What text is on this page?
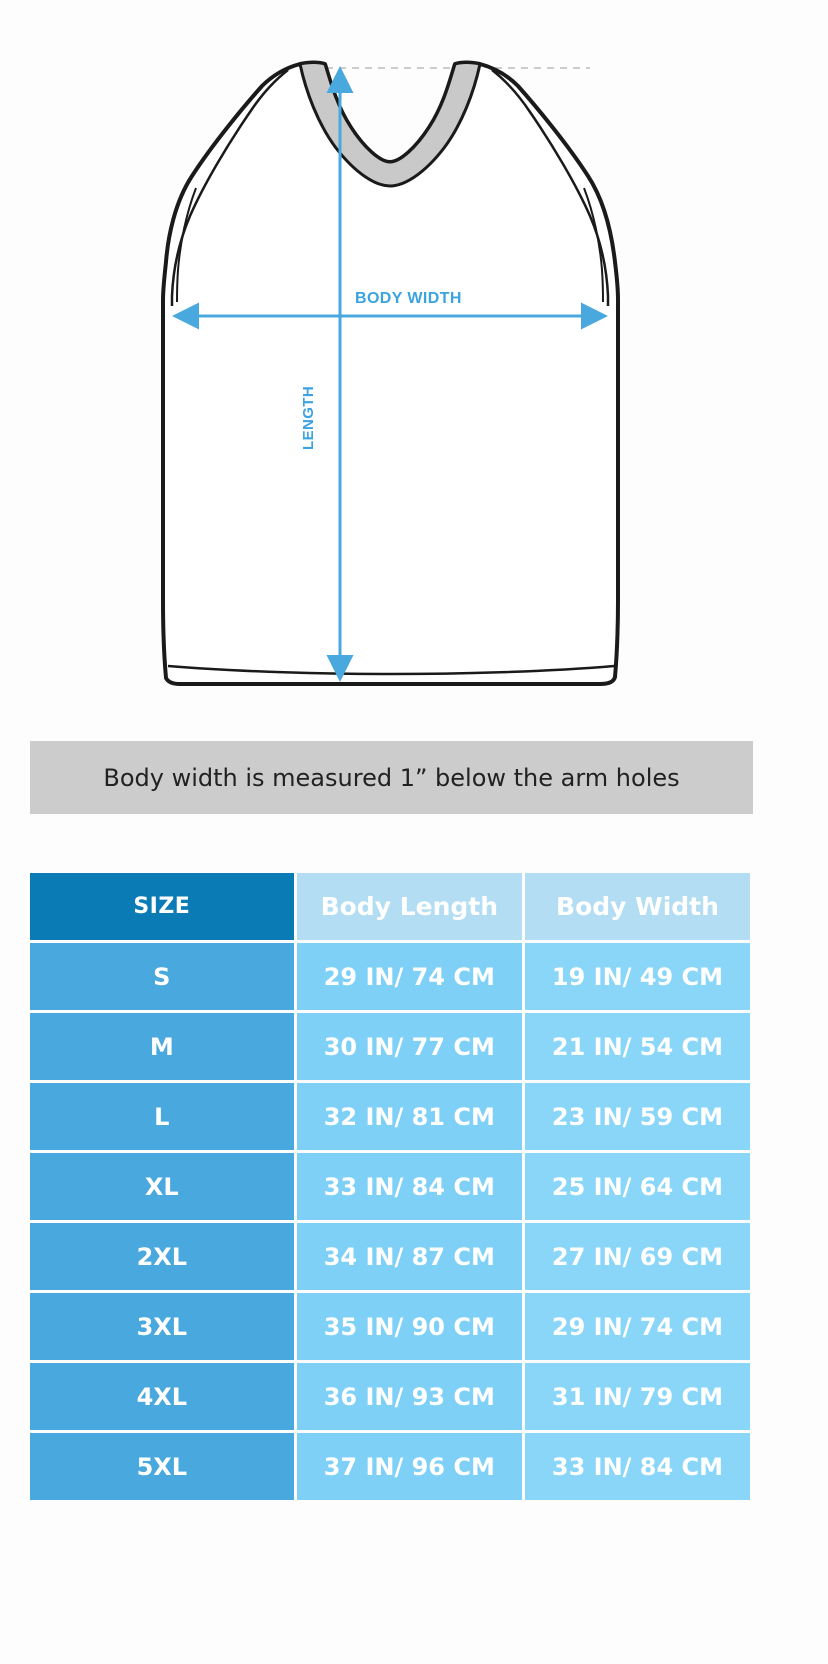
BODY WIDTH
LENGTH
Body width is measured 1” below the arm holes
SIZE	Body Length	Body Width
S	29 IN/ 74 CM	19 IN/ 49 CM
M	30 IN/ 77 CM	21 IN/ 54 CM
L	32 IN/ 81 CM	23 IN/ 59 CM
XL	33 IN/ 84 CM	25 IN/ 64 CM
2XL	34 IN/ 87 CM	27 IN/ 69 CM
3XL	35 IN/ 90 CM	29 IN/ 74 CM
4XL	36 IN/ 93 CM	31 IN/ 79 CM
5XL	37 IN/ 96 CM	33 IN/ 84 CM
